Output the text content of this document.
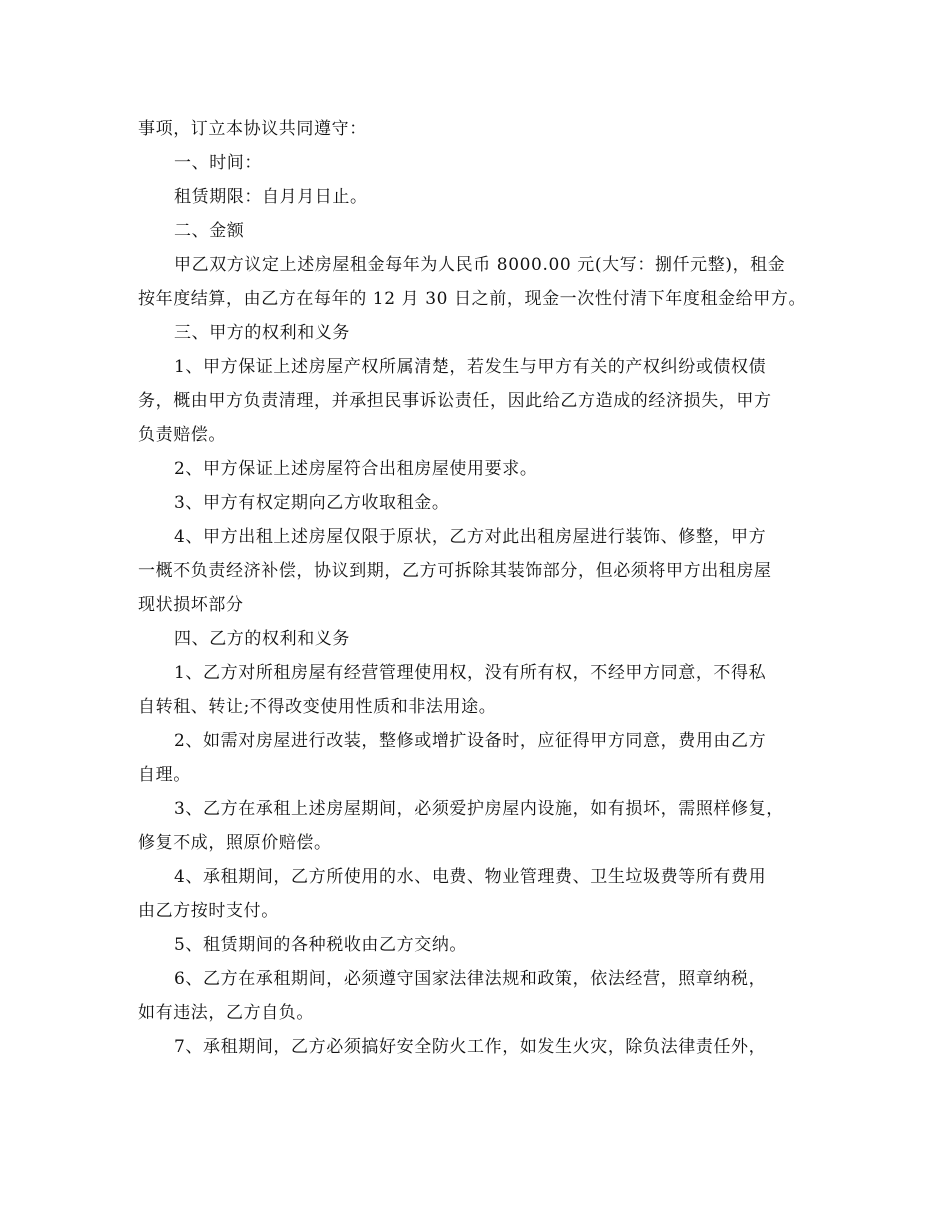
事项，订立本协议共同遵守：
一、时间：
租赁期限：自月月日止。
二、金额
甲乙双方议定上述房屋租金每年为人民币 8000.00 元(大写：捌仟元整)，租金
按年度结算，由乙方在每年的 12 月 30 日之前，现金一次性付清下年度租金给甲方。
三、甲方的权利和义务
1、甲方保证上述房屋产权所属清楚，若发生与甲方有关的产权纠纷或债权债
务，概由甲方负责清理，并承担民事诉讼责任，因此给乙方造成的经济损失，甲方
负责赔偿。
2、甲方保证上述房屋符合出租房屋使用要求。
3、甲方有权定期向乙方收取租金。
4、甲方出租上述房屋仅限于原状，乙方对此出租房屋进行装饰、修整，甲方
一概不负责经济补偿，协议到期，乙方可拆除其装饰部分，但必须将甲方出租房屋
现状损坏部分
四、乙方的权利和义务
1、乙方对所租房屋有经营管理使用权，没有所有权，不经甲方同意，不得私
自转租、转让;不得改变使用性质和非法用途。
2、如需对房屋进行改装，整修或增扩设备时，应征得甲方同意，费用由乙方
自理。
3、乙方在承租上述房屋期间，必须爱护房屋内设施，如有损坏，需照样修复，
修复不成，照原价赔偿。
4、承租期间，乙方所使用的水、电费、物业管理费、卫生垃圾费等所有费用
由乙方按时支付。
5、租赁期间的各种税收由乙方交纳。
6、乙方在承租期间，必须遵守国家法律法规和政策，依法经营，照章纳税，
如有违法，乙方自负。
7、承租期间，乙方必须搞好安全防火工作，如发生火灾，除负法律责任外，
